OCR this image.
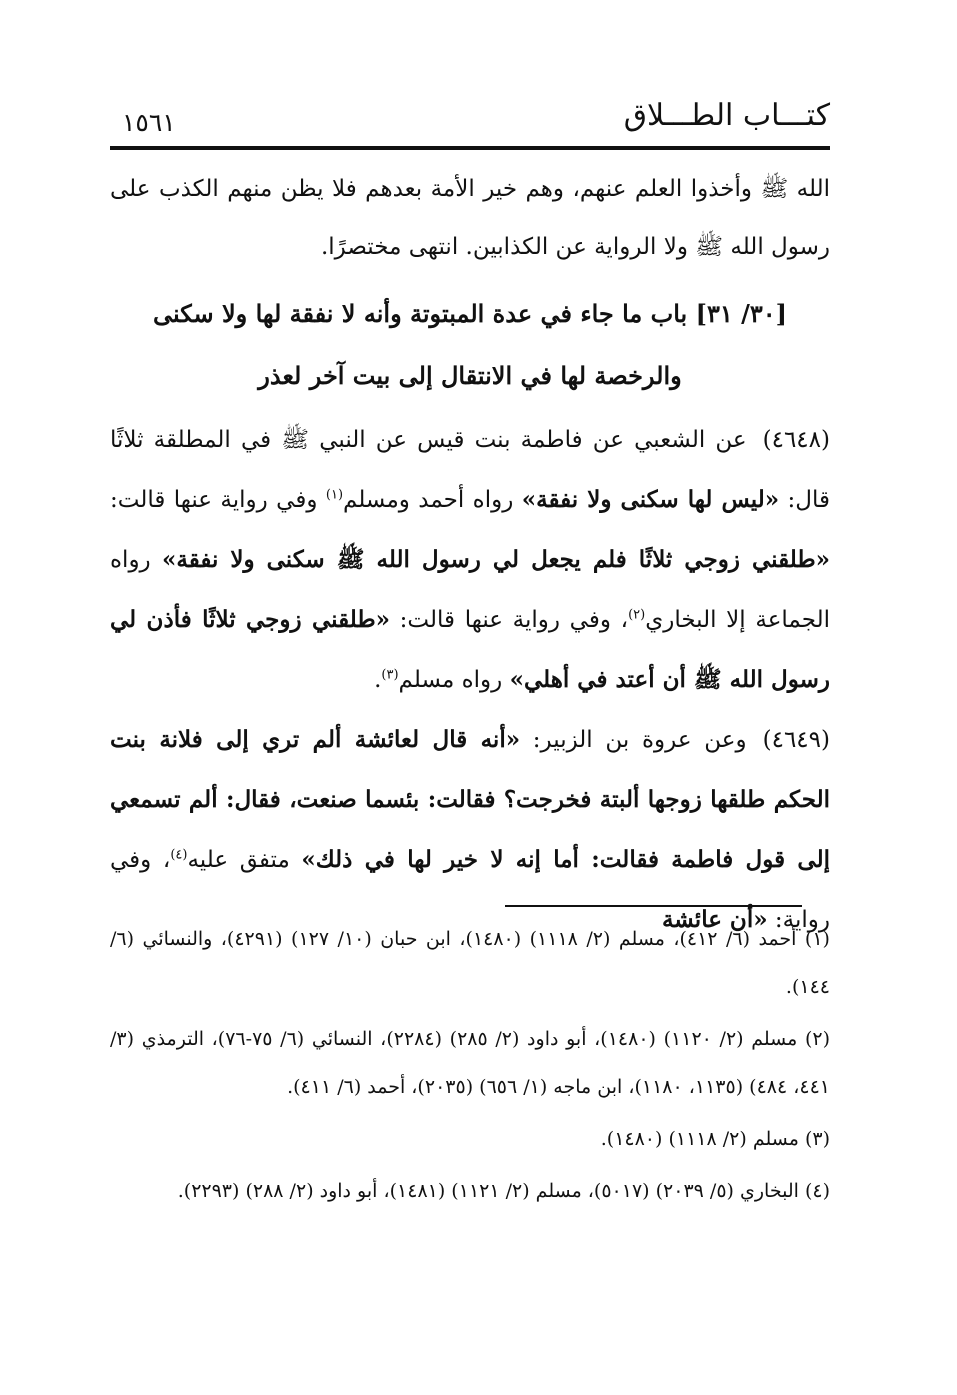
كتـــاب الطـــلاق
١٥٦١
الله ﷺ وأخذوا العلم عنهم، وهم خير الأمة بعدهم فلا يظن منهم الكذب على رسول الله ﷺ ولا الرواية عن الكذابين. انتهى مختصرًا.
[٣٠/ ٣١] باب ما جاء في عدة المبتوتة وأنه لا نفقة لها ولا سكنى والرخصة لها في الانتقال إلى بيت آخر لعذر
(٤٦٤٨)عن الشعبي عن فاطمة بنت قيس عن النبي ﷺ في المطلقة ثلاثًا قال: «ليس لها سكنى ولا نفقة» رواه أحمد ومسلم$^{(١)}$ وفي رواية عنها قالت: «طلقني زوجي ثلاثًا فلم يجعل لي رسول الله ﷺ سكنى ولا نفقة» رواه الجماعة إلا البخاري$^{(٢)}$، وفي رواية عنها قالت: «طلقني زوجي ثلاثًا فأذن لي رسول الله ﷺ أن أعتد في أهلي» رواه مسلم$^{(٣)}$.
(٤٦٤٩)وعن عروة بن الزبير: «أنه قال لعائشة ألم تري إلى فلانة بنت الحكم طلقها زوجها ألبتة فخرجت؟ فقالت: بئسما صنعت، فقال: ألم تسمعي إلى قول فاطمة فقالت: أما إنه لا خير لها في ذلك» متفق عليه$^{(٤)}$، وفي رواية: «أن عائشة
(١) أحمد (٦/ ٤١٢)، مسلم (٢/ ١١١٨) (١٤٨٠)، ابن حبان (١٠/ ١٢٧) (٤٢٩١)، والنسائي (٦/ ١٤٤).
(٢) مسلم (٢/ ١١٢٠) (١٤٨٠)، أبو داود (٢/ ٢٨٥) (٢٢٨٤)، النسائي (٦/ ٧٥-٧٦)، الترمذي (٣/ ٤٤١، ٤٨٤) (١١٣٥، ١١٨٠)، ابن ماجه (١/ ٦٥٦) (٢٠٣٥)، أحمد (٦/ ٤١١).
(٣) مسلم (٢/ ١١١٨) (١٤٨٠).
(٤) البخاري (٥/ ٢٠٣٩) (٥٠١٧)، مسلم (٢/ ١١٢١) (١٤٨١)، أبو داود (٢/ ٢٨٨) (٢٢٩٣).
